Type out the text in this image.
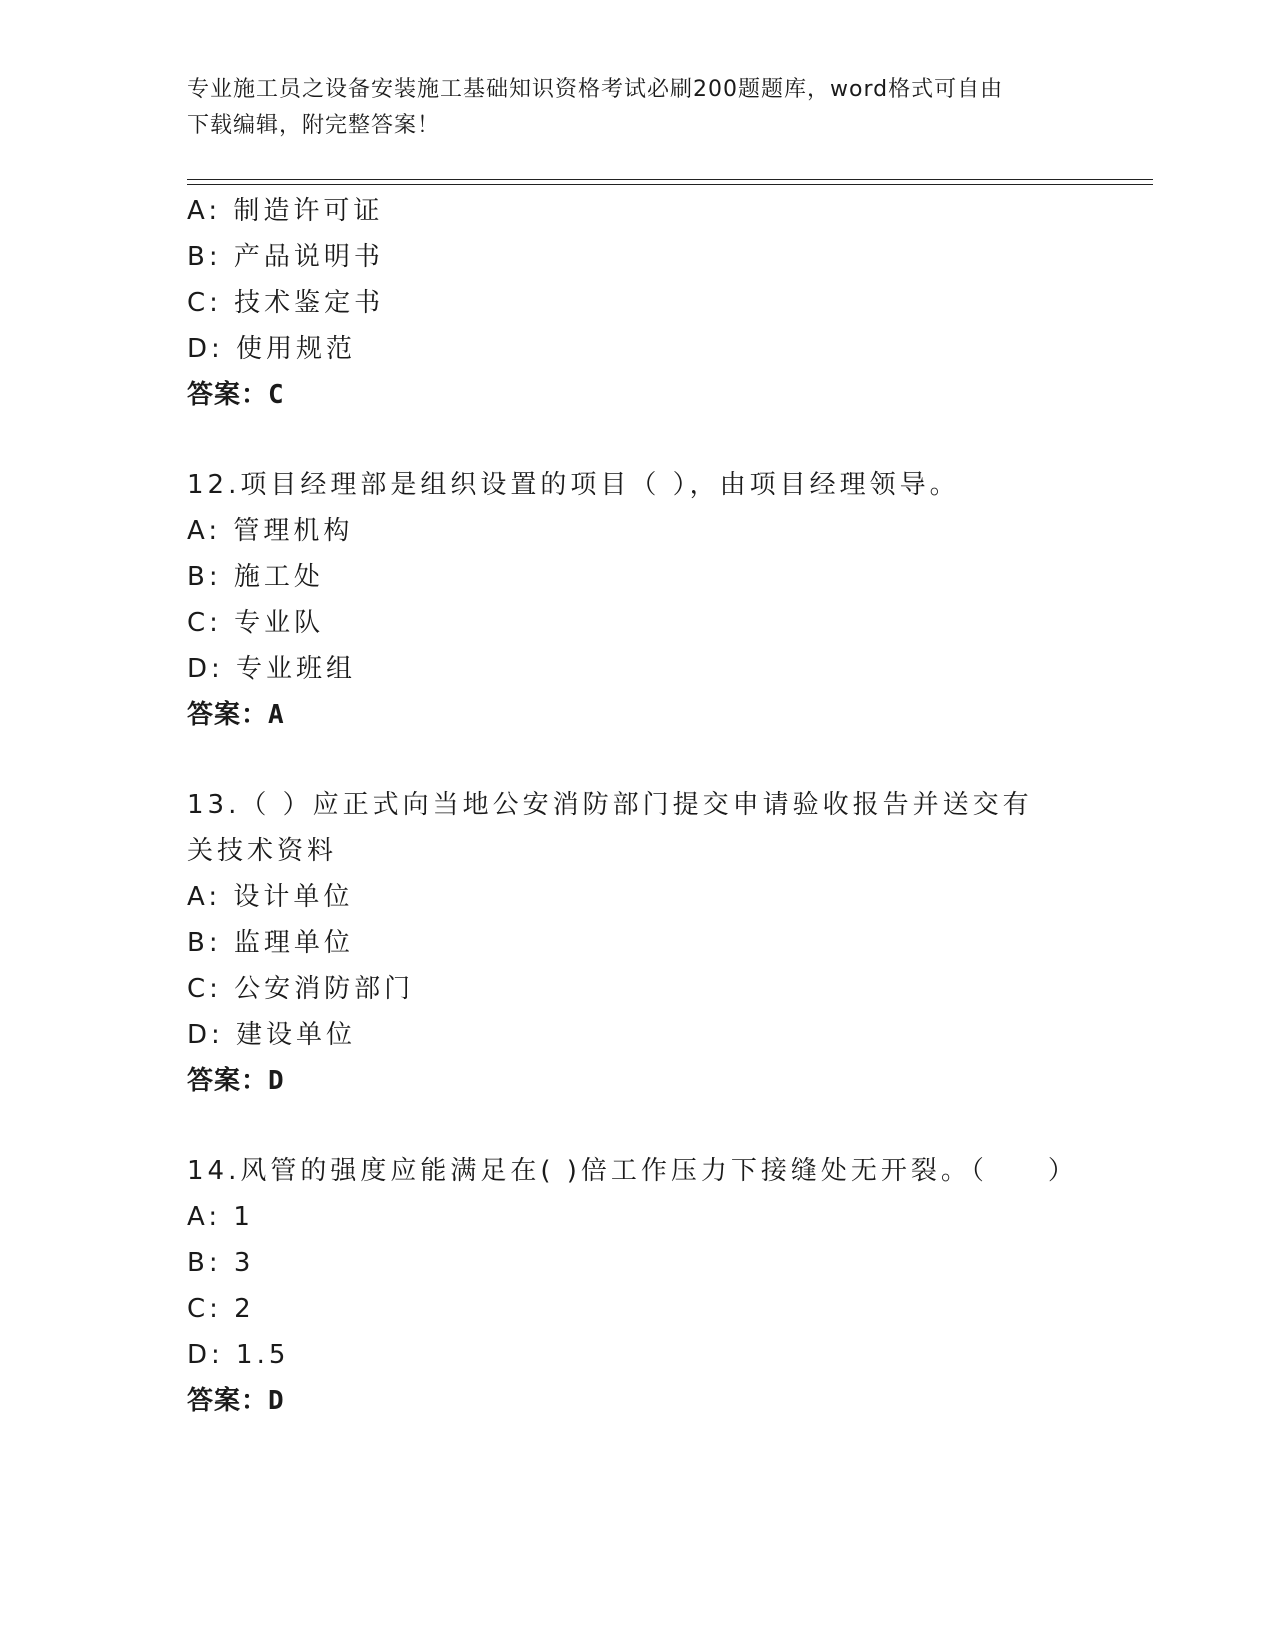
专业施工员之设备安装施工基础知识资格考试必刷200题题库，word格式可自由
下载编辑，附完整答案！
A: 制造许可证
B: 产品说明书
C: 技术鉴定书
D: 使用规范
答案：C
12.项目经理部是组织设置的项目（ ），由项目经理领导。
A: 管理机构
B: 施工处
C: 专业队
D: 专业班组
答案：A
13.（ ）应正式向当地公安消防部门提交申请验收报告并送交有关技术资料
A: 设计单位
B: 监理单位
C: 公安消防部门
D: 建设单位
答案：D
14.风管的强度应能满足在( )倍工作压力下接缝处无开裂。（　　）
A: 1
B: 3
C: 2
D: 1.5
答案：D
